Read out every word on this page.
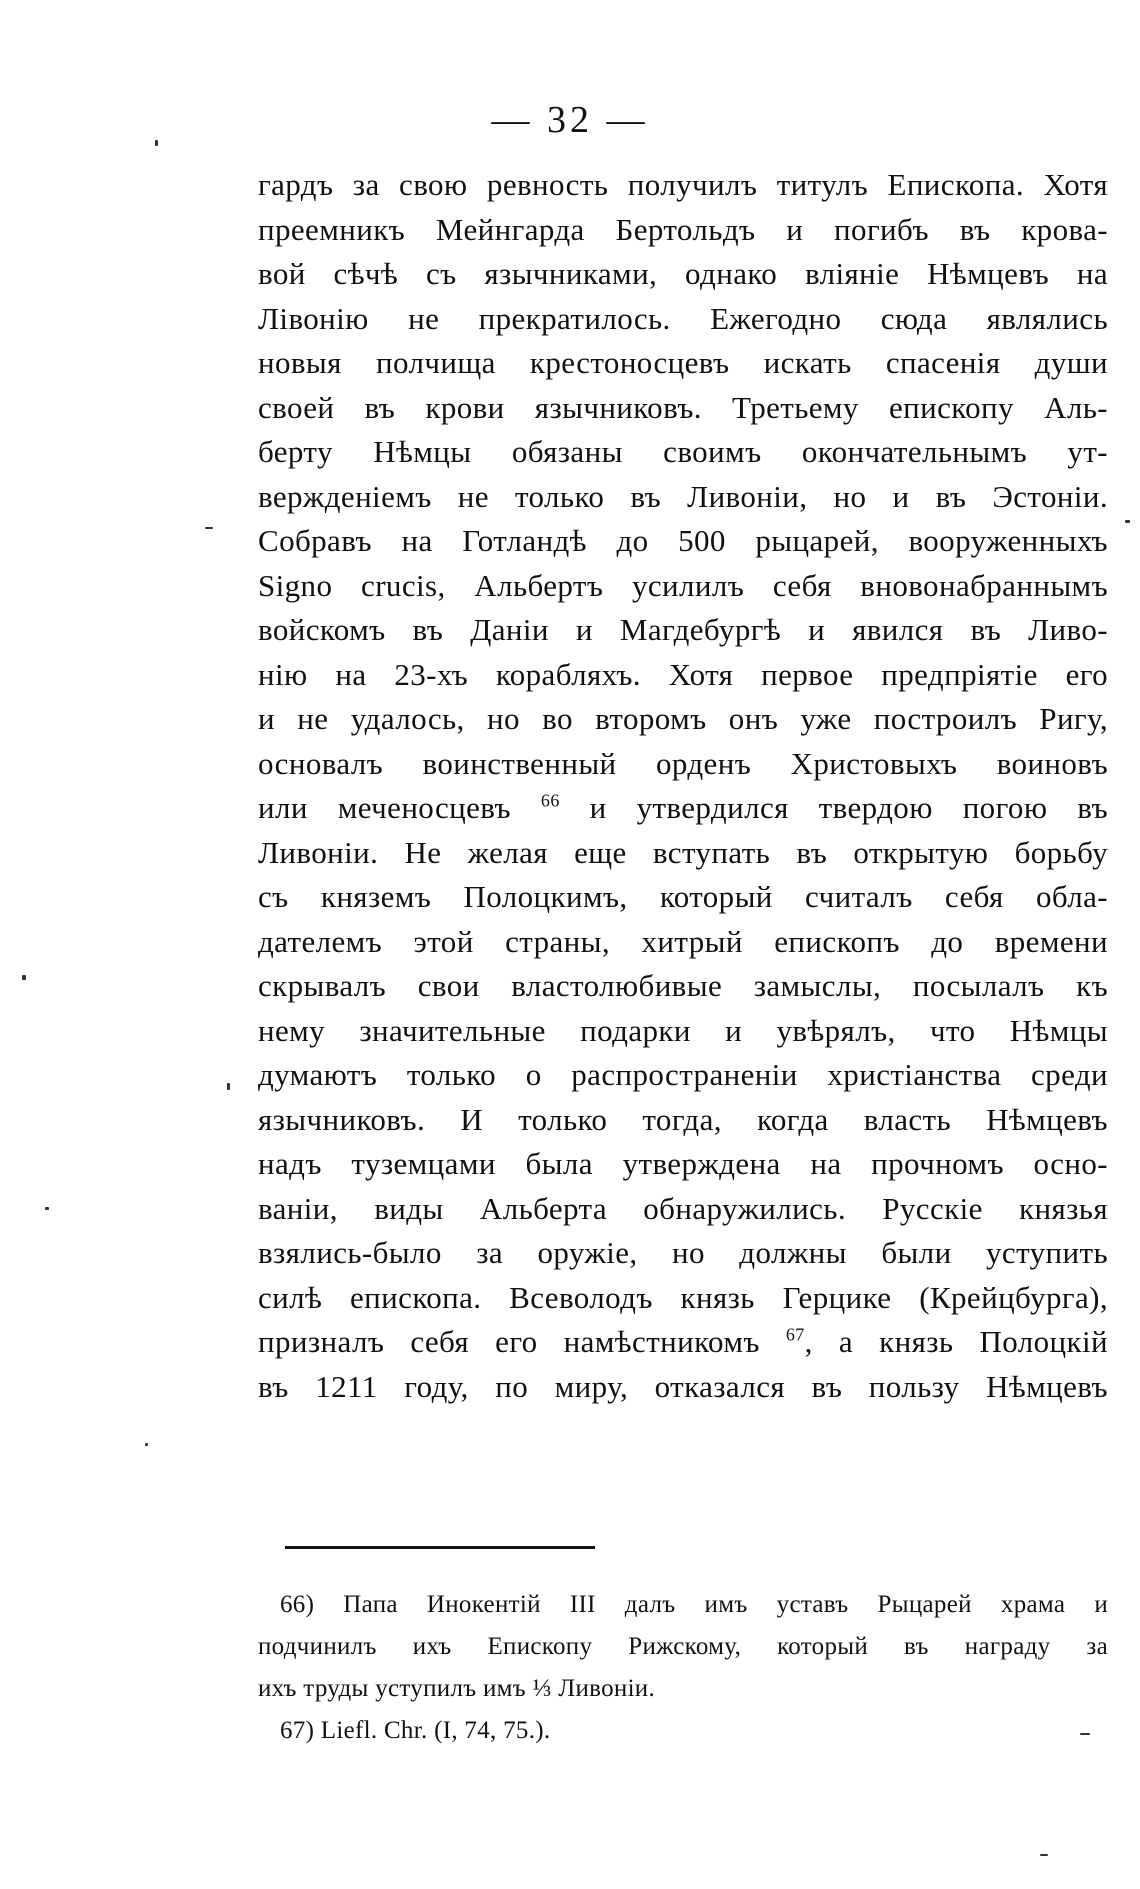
— 32 —
гардъ за свою ревность получилъ титулъ Епископа. Хотя
преемникъ Мейнгарда Бертольдъ и погибъ въ крова-
вой сѣчѣ съ язычниками, однако вліяніе Нѣмцевъ на
Лівонію не прекратилось. Ежегодно сюда являлись
новыя полчища крестоносцевъ искать спасенія души
своей въ крови язычниковъ. Третьему епископу Аль-
берту Нѣмцы обязаны своимъ окончательнымъ ут-
вержденіемъ не только въ Ливоніи, но и въ Эстоніи.
Собравъ на Готландѣ до 500 рыцарей, вооруженныхъ
Signo crucis, Альбертъ усилилъ себя вновонабраннымъ
войскомъ въ Даніи и Магдебургѣ и явился въ Ливо-
нію на 23-хъ корабляхъ. Хотя первое предпріятіе его
и не удалось, но во второмъ онъ уже построилъ Ригу,
основалъ воинственный орденъ Христовыхъ воиновъ
или меченосцевъ $^{66}$ и утвердился твердою погою въ
Ливоніи. Не желая еще вступать въ открытую борьбу
съ княземъ Полоцкимъ, который считалъ себя обла-
дателемъ этой страны, хитрый епископъ до времени
скрывалъ свои властолюбивые замыслы, посылалъ къ
нему значительные подарки и увѣрялъ, что Нѣмцы
думаютъ только о распространеніи христіанства среди
язычниковъ. И только тогда, когда власть Нѣмцевъ
надъ туземцами была утверждена на прочномъ осно-
ваніи, виды Альберта обнаружились. Русскіе князья
взялись-было за оружіе, но должны были уступить
силѣ епископа. Всеволодъ князь Герцике (Крейцбурга),
призналъ себя его намѣстникомъ $^{67}$, а князь Полоцкій
въ 1211 году, по миру, отказался въ пользу Нѣмцевъ
66) Папа Инокентій III далъ имъ уставъ Рыцарей храма и
подчинилъ ихъ Епископу Рижскому, который въ награду за
ихъ труды уступилъ имъ ⅓ Ливоніи.
67) Liefl. Chr. (I, 74, 75.).
